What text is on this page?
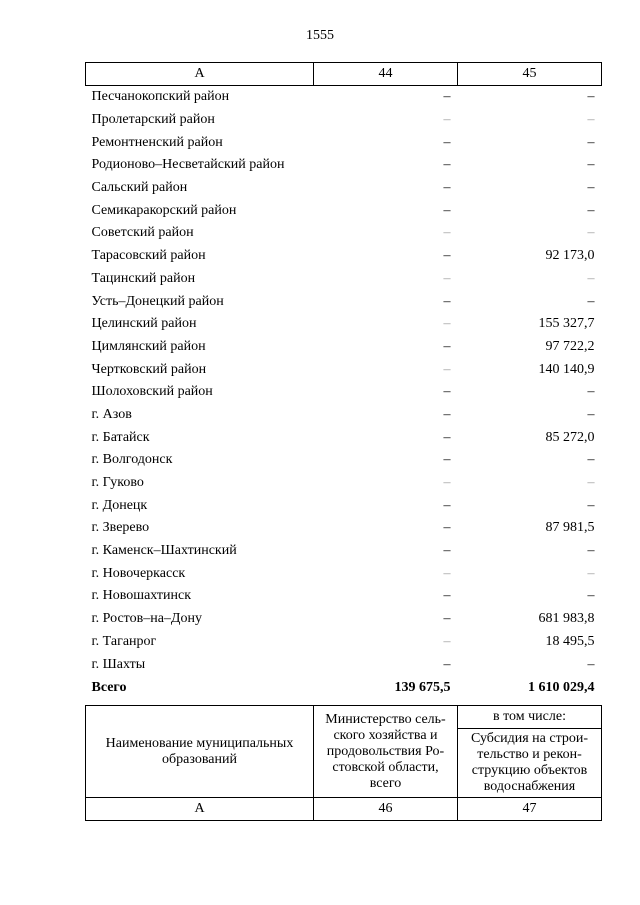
1555
А	44	45
Песчанокопский район	–	–
Пролетарский район	–	–
Ремонтненский район	–	–
Родионово–Несветайский район	–	–
Сальский район	–	–
Семикаракорский район	–	–
Советский район	–	–
Тарасовский район	–	92 173,0
Тацинский район	–	–
Усть–Донецкий район	–	–
Целинский район	–	155 327,7
Цимлянский район	–	97 722,2
Чертковский район	–	140 140,9
Шолоховский район	–	–
г. Азов	–	–
г. Батайск	–	85 272,0
г. Волгодонск	–	–
г. Гуково	–	–
г. Донецк	–	–
г. Зверево	–	87 981,5
г. Каменск–Шахтинский	–	–
г. Новочеркасск	–	–
г. Новошахтинск	–	–
г. Ростов–на–Дону	–	681 983,8
г. Таганрог	–	18 495,5
г. Шахты	–	–
Всего	139 675,5	1 610 029,4
Наименование муниципальных образований	Министерство сель-ского хозяйства и продовольствия Ро-стовской области, всего	в том числе:
		Субсидия на строи-тельство и рекон-струкцию объектов водоснабжения
А	46	47
